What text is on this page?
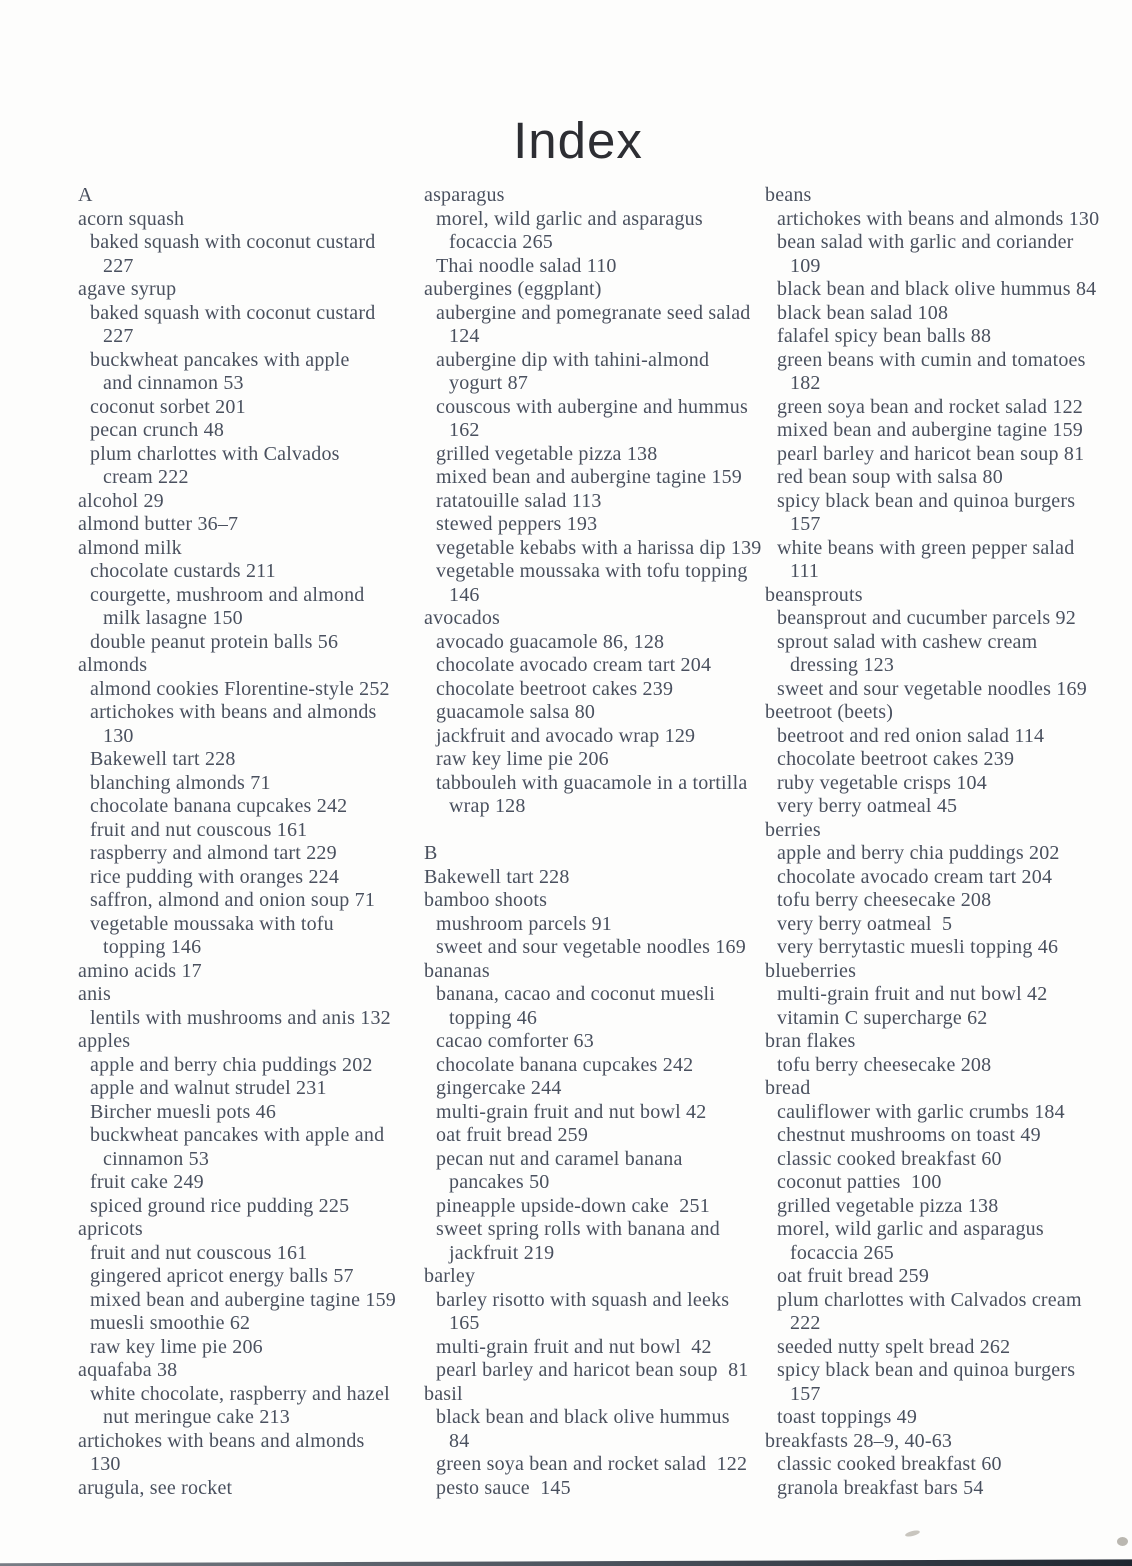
Index
A
acorn squash
baked squash with coconut custard
227
agave syrup
baked squash with coconut custard
227
buckwheat pancakes with apple
and cinnamon 53
coconut sorbet 201
pecan crunch 48
plum charlottes with Calvados
cream 222
alcohol 29
almond butter 36–7
almond milk
chocolate custards 211
courgette, mushroom and almond
milk lasagne 150
double peanut protein balls 56
almonds
almond cookies Florentine-style 252
artichokes with beans and almonds
130
Bakewell tart 228
blanching almonds 71
chocolate banana cupcakes 242
fruit and nut couscous 161
raspberry and almond tart 229
rice pudding with oranges 224
saffron, almond and onion soup 71
vegetable moussaka with tofu
topping 146
amino acids 17
anis
lentils with mushrooms and anis 132
apples
apple and berry chia puddings 202
apple and walnut strudel 231
Bircher muesli pots 46
buckwheat pancakes with apple and
cinnamon 53
fruit cake 249
spiced ground rice pudding 225
apricots
fruit and nut couscous 161
gingered apricot energy balls 57
mixed bean and aubergine tagine 159
muesli smoothie 62
raw key lime pie 206
aquafaba 38
white chocolate, raspberry and hazel
nut meringue cake 213
artichokes with beans and almonds
130
arugula, see rocket
asparagus
morel, wild garlic and asparagus
focaccia 265
Thai noodle salad 110
aubergines (eggplant)
aubergine and pomegranate seed salad
124
aubergine dip with tahini-almond
yogurt 87
couscous with aubergine and hummus
162
grilled vegetable pizza 138
mixed bean and aubergine tagine 159
ratatouille salad 113
stewed peppers 193
vegetable kebabs with a harissa dip 139
vegetable moussaka with tofu topping
146
avocados
avocado guacamole 86, 128
chocolate avocado cream tart 204
chocolate beetroot cakes 239
guacamole salsa 80
jackfruit and avocado wrap 129
raw key lime pie 206
tabbouleh with guacamole in a tortilla
wrap 128

B
Bakewell tart 228
bamboo shoots
mushroom parcels 91
sweet and sour vegetable noodles 169
bananas
banana, cacao and coconut muesli
topping 46
cacao comforter 63
chocolate banana cupcakes 242
gingercake 244
multi-grain fruit and nut bowl 42
oat fruit bread 259
pecan nut and caramel banana
pancakes 50
pineapple upside-down cake  251
sweet spring rolls with banana and
jackfruit 219
barley
barley risotto with squash and leeks
165
multi-grain fruit and nut bowl  42
pearl barley and haricot bean soup  81
basil
black bean and black olive hummus
84
green soya bean and rocket salad  122
pesto sauce  145
beans
artichokes with beans and almonds 130
bean salad with garlic and coriander
109
black bean and black olive hummus 84
black bean salad 108
falafel spicy bean balls 88
green beans with cumin and tomatoes
182
green soya bean and rocket salad 122
mixed bean and aubergine tagine 159
pearl barley and haricot bean soup 81
red bean soup with salsa 80
spicy black bean and quinoa burgers
157
white beans with green pepper salad
111
beansprouts
beansprout and cucumber parcels 92
sprout salad with cashew cream
dressing 123
sweet and sour vegetable noodles 169
beetroot (beets)
beetroot and red onion salad 114
chocolate beetroot cakes 239
ruby vegetable crisps 104
very berry oatmeal 45
berries
apple and berry chia puddings 202
chocolate avocado cream tart 204
tofu berry cheesecake 208
very berry oatmeal  5
very berrytastic muesli topping 46
blueberries
multi-grain fruit and nut bowl 42
vitamin C supercharge 62
bran flakes
tofu berry cheesecake 208
bread
cauliflower with garlic crumbs 184
chestnut mushrooms on toast 49
classic cooked breakfast 60
coconut patties  100
grilled vegetable pizza 138
morel, wild garlic and asparagus
focaccia 265
oat fruit bread 259
plum charlottes with Calvados cream
222
seeded nutty spelt bread 262
spicy black bean and quinoa burgers
157
toast toppings 49
breakfasts 28–9, 40-63
classic cooked breakfast 60
granola breakfast bars 54
